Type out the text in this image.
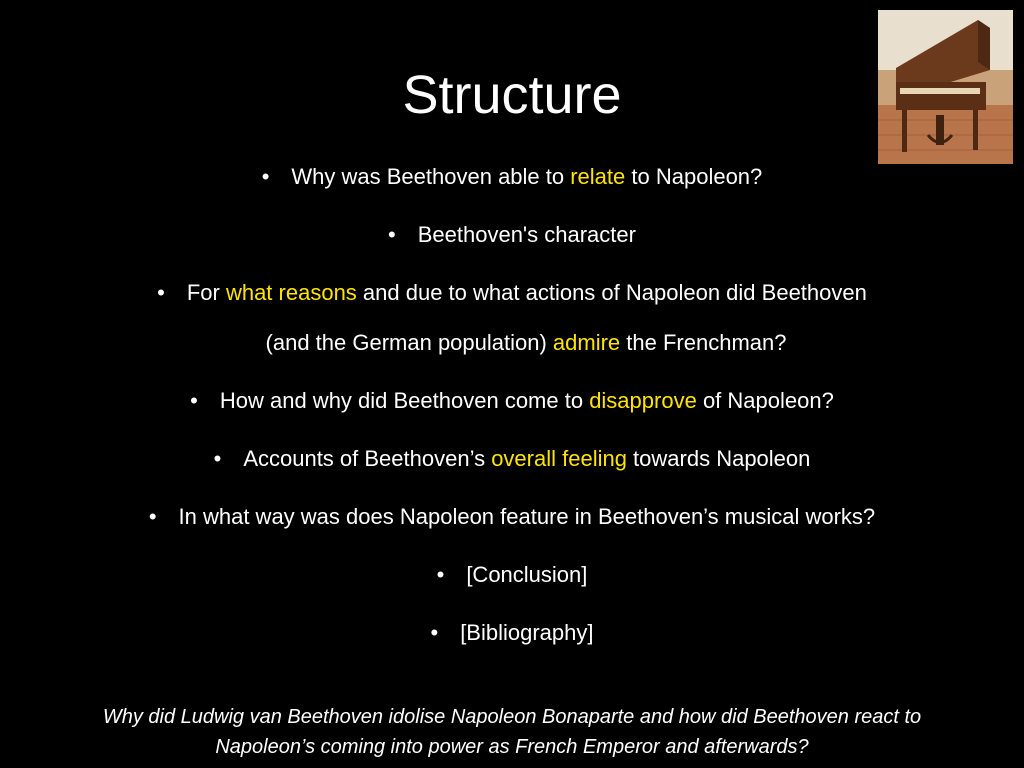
Structure
• Why was Beethoven able to relate to Napoleon?
• Beethoven's character
• For what reasons and due to what actions of Napoleon did Beethoven
(and the German population) admire the Frenchman?
• How and why did Beethoven come to disapprove of Napoleon?
• Accounts of Beethoven’s overall feeling towards Napoleon
• In what way was does Napoleon feature in Beethoven’s musical works?
• [Conclusion]
• [Bibliography]
Why did Ludwig van Beethoven idolise Napoleon Bonaparte and how did Beethoven react to
Napoleon’s coming into power as French Emperor and afterwards?
